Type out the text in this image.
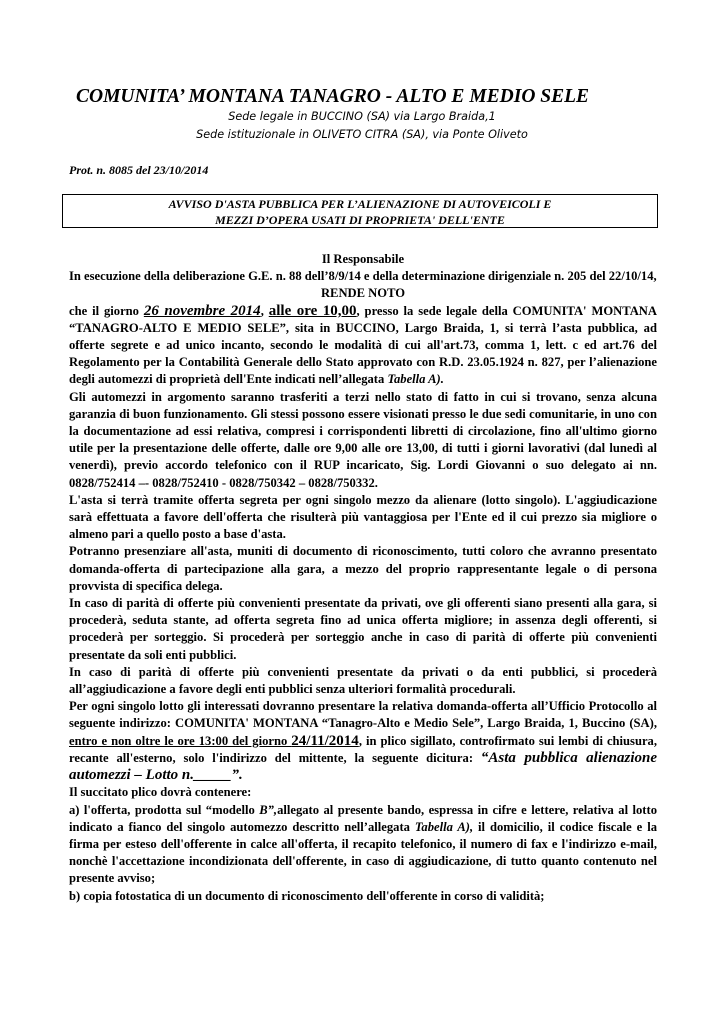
COMUNITA’ MONTANA TANAGRO - ALTO E MEDIO SELE
Sede legale in BUCCINO (SA) via Largo Braida,1
Sede istituzionale in OLIVETO CITRA (SA), via Ponte Oliveto
Prot. n. 8085 del 23/10/2014
AVVISO D'ASTA PUBBLICA PER L’ALIENAZIONE DI AUTOVEICOLI E
MEZZI D’OPERA USATI DI PROPRIETA' DELL'ENTE

Il Responsabile

In esecuzione della deliberazione G.E. n. 88 dell’8/9/14 e della determinazione dirigenziale n. 205 del 22/10/14,

RENDE NOTO

che il giorno 26 novembre 2014, alle ore 10,00, presso la sede legale della COMUNITA' MONTANA “TANAGRO-ALTO E MEDIO SELE”, sita in BUCCINO, Largo Braida, 1, si terrà l’asta pubblica, ad offerte segrete e ad unico incanto, secondo le modalità di cui all'art.73, comma 1, lett. c ed art.76 del Regolamento per la Contabilità Generale dello Stato approvato con R.D. 23.05.1924 n. 827, per l’alienazione degli automezzi di proprietà dell'Ente indicati nell’allegata Tabella A).

Gli automezzi in argomento saranno trasferiti a terzi nello stato di fatto in cui si trovano, senza alcuna garanzia di buon funzionamento. Gli stessi possono essere visionati presso le due sedi comunitarie, in uno con la documentazione ad essi relativa, compresi i corrispondenti libretti di circolazione, fino all'ultimo giorno utile per la presentazione delle offerte, dalle ore 9,00 alle ore 13,00, di tutti i giorni lavorativi (dal lunedì al venerdì), previo accordo telefonico con il RUP incaricato, Sig. Lordi Giovanni o suo delegato ai nn. 0828/752414 –- 0828/752410 - 0828/750342 – 0828/750332.

L'asta si terrà tramite offerta segreta per ogni singolo mezzo da alienare (lotto singolo). L'aggiudicazione sarà effettuata a favore dell'offerta che risulterà più vantaggiosa per l'Ente ed il cui prezzo sia migliore o almeno pari a quello posto a base d'asta.

Potranno presenziare all'asta, muniti di documento di riconoscimento, tutti coloro che avranno presentato domanda-offerta di partecipazione alla gara, a mezzo del proprio rappresentante legale o di persona provvista di specifica delega.

In caso di parità di offerte più convenienti presentate da privati, ove gli offerenti siano presenti alla gara, si procederà, seduta stante, ad offerta segreta fino ad unica offerta migliore; in assenza degli offerenti, si procederà per sorteggio. Si procederà per sorteggio anche in caso di parità di offerte più convenienti presentate da soli enti pubblici.

In caso di parità di offerte più convenienti presentate da privati o da enti pubblici, si procederà all’aggiudicazione a favore degli enti pubblici senza ulteriori formalità procedurali.

Per ogni singolo lotto gli interessati dovranno presentare la relativa domanda-offerta all’Ufficio Protocollo al seguente indirizzo: COMUNITA' MONTANA “Tanagro-Alto e Medio Sele”, Largo Braida, 1, Buccino (SA), entro e non oltre le ore 13:00 del giorno 24/11/2014, in plico sigillato, controfirmato sui lembi di chiusura, recante all'esterno, solo l'indirizzo del mittente, la seguente dicitura: “Asta pubblica alienazione automezzi – Lotto n._____”.

Il succitato plico dovrà contenere:

a) l'offerta, prodotta sul “modello B”,allegato al presente bando, espressa in cifre e lettere, relativa al lotto indicato a fianco del singolo automezzo descritto nell’allegata Tabella A), il domicilio, il codice fiscale e la firma per esteso dell'offerente in calce all'offerta, il recapito telefonico, il numero di fax e l'indirizzo e-mail, nonchè l'accettazione incondizionata dell'offerente, in caso di aggiudicazione, di tutto quanto contenuto nel presente avviso;

b) copia fotostatica di un documento di riconoscimento dell'offerente in corso di validità;
